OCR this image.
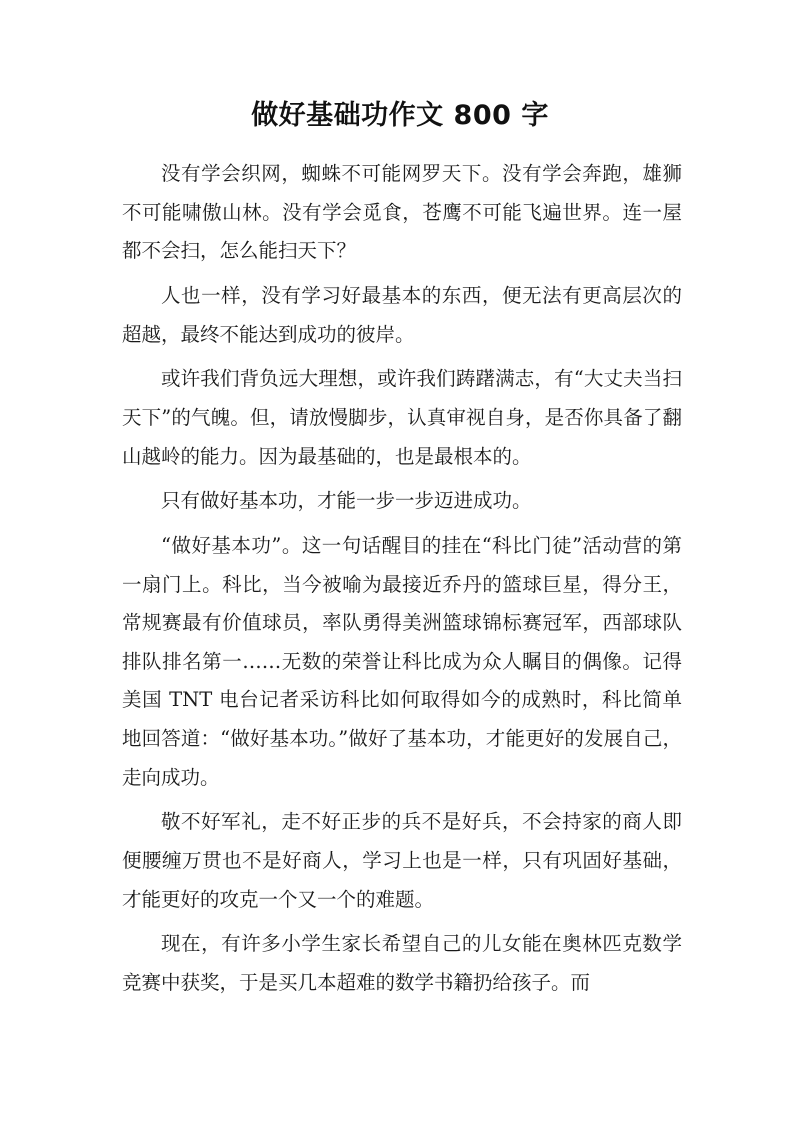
做好基础功作文 800 字

没有学会织网，蜘蛛不可能网罗天下。没有学会奔跑，雄狮不可能啸傲山林。没有学会觅食，苍鹰不可能飞遍世界。连一屋都不会扫，怎么能扫天下？

人也一样，没有学习好最基本的东西，便无法有更高层次的超越，最终不能达到成功的彼岸。

或许我们背负远大理想，或许我们踌躇满志，有“大丈夫当扫天下”的气魄。但，请放慢脚步，认真审视自身，是否你具备了翻山越岭的能力。因为最基础的，也是最根本的。

只有做好基本功，才能一步一步迈进成功。

“做好基本功”。这一句话醒目的挂在“科比门徒”活动营的第一扇门上。科比，当今被喻为最接近乔丹的篮球巨星，得分王，常规赛最有价值球员，率队勇得美洲篮球锦标赛冠军，西部球队排队排名第一……无数的荣誉让科比成为众人瞩目的偶像。记得美国 TNT 电台记者采访科比如何取得如今的成熟时，科比简单地回答道：“做好基本功。”做好了基本功，才能更好的发展自己，走向成功。

敬不好军礼，走不好正步的兵不是好兵，不会持家的商人即便腰缠万贯也不是好商人，学习上也是一样，只有巩固好基础，才能更好的攻克一个又一个的难题。

现在，有许多小学生家长希望自己的儿女能在奥林匹克数学竞赛中获奖，于是买几本超难的数学书籍扔给孩子。而
